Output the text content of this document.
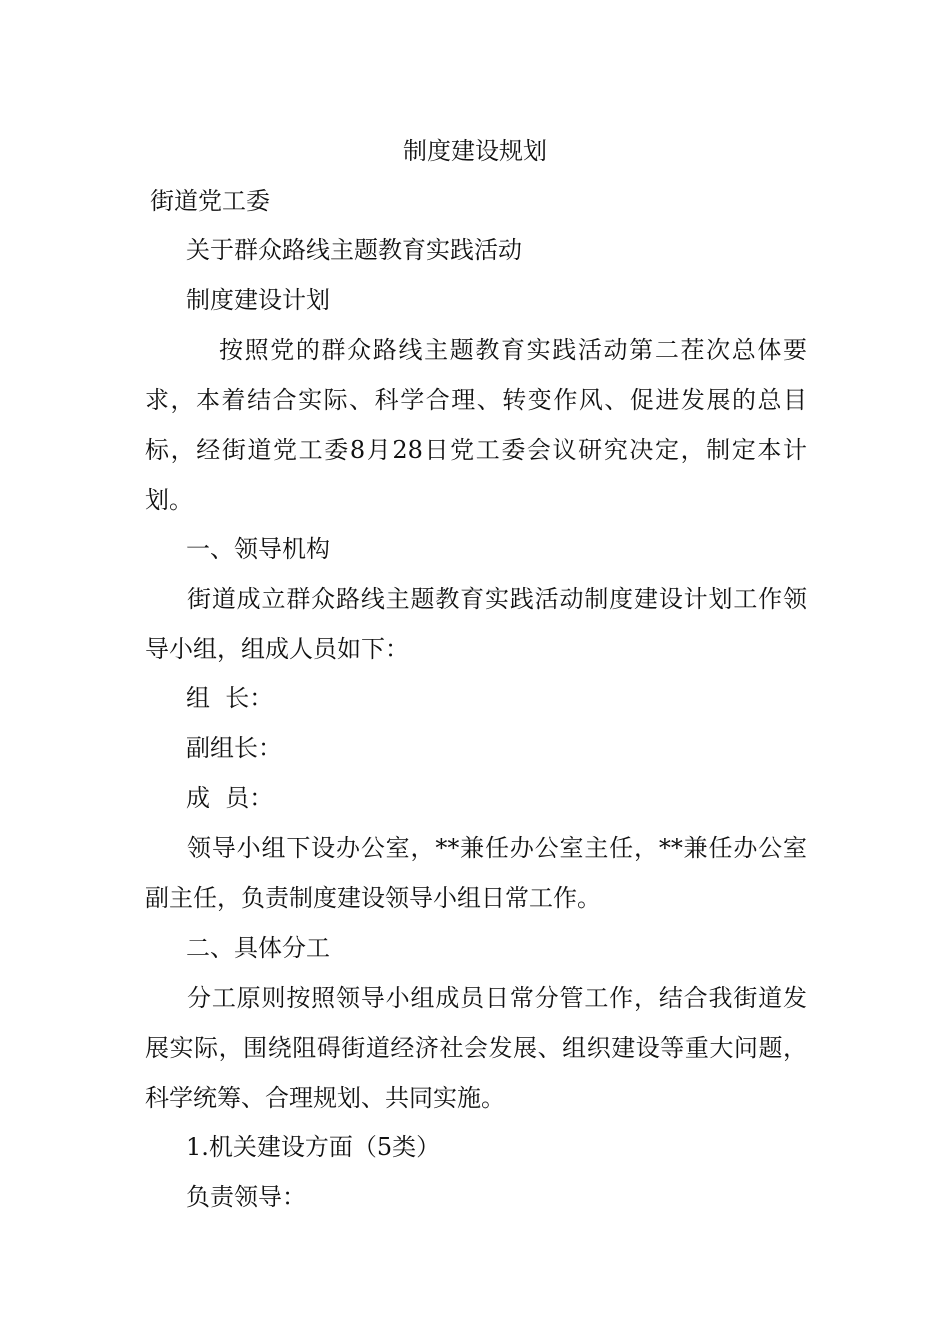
制度建设规划
街道党工委
关于群众路线主题教育实践活动
制度建设计划
按照党的群众路线主题教育实践活动第二茬次总体要求，本着结合实际、科学合理、转变作风、促进发展的总目标，经街道党工委8月28日党工委会议研究决定，制定本计划。
一、领导机构
街道成立群众路线主题教育实践活动制度建设计划工作领导小组，组成人员如下：
组  长：
副组长：
成  员：
领导小组下设办公室，**兼任办公室主任，**兼任办公室副主任，负责制度建设领导小组日常工作。
二、具体分工
分工原则按照领导小组成员日常分管工作，结合我街道发展实际，围绕阻碍街道经济社会发展、组织建设等重大问题，科学统筹、合理规划、共同实施。
1.机关建设方面（5类）
负责领导：
